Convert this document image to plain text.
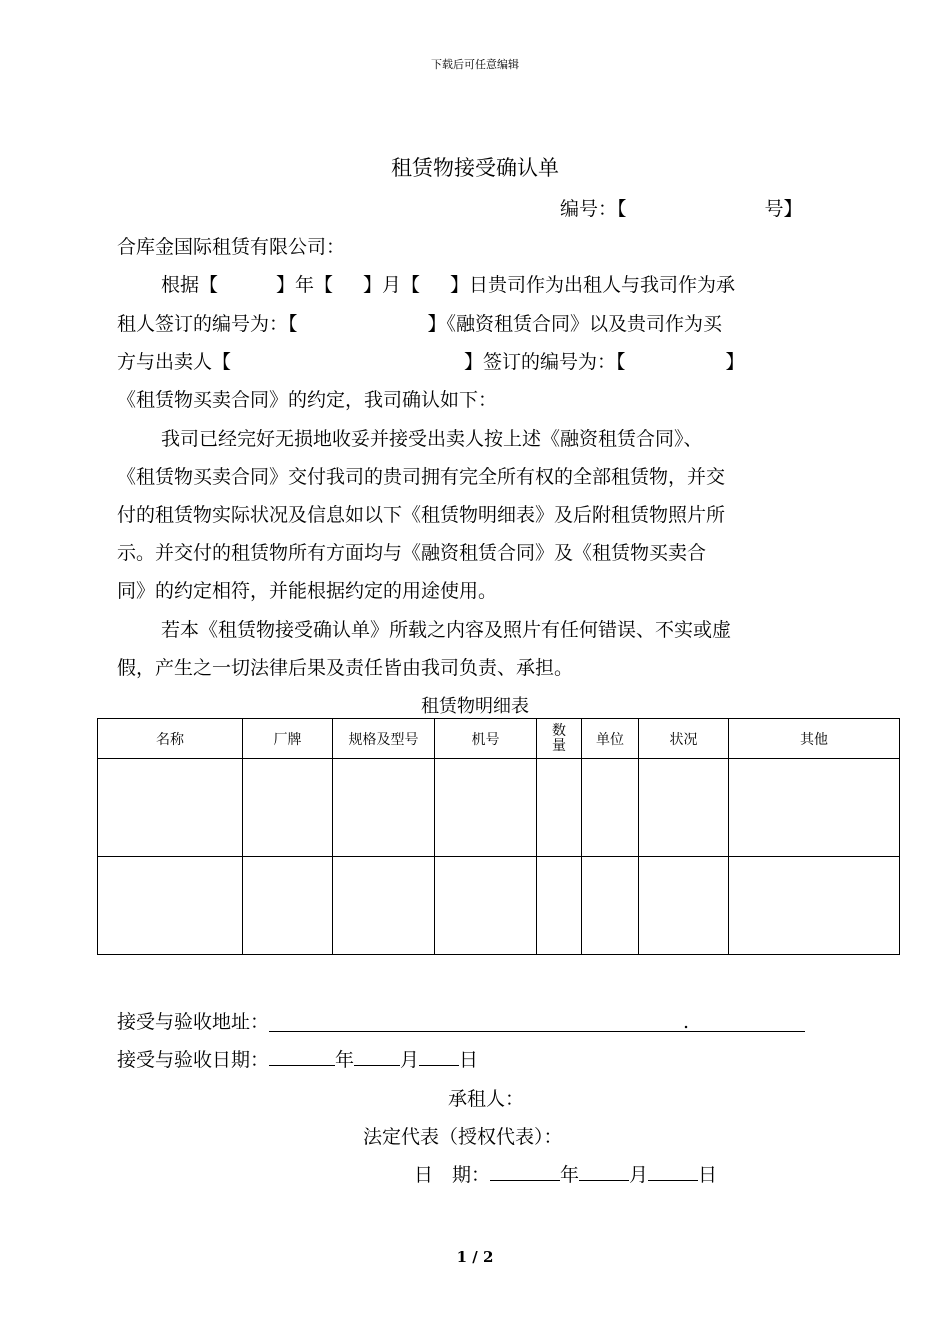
下载后可任意编辑
租赁物接受确认单
编号：【	号】
合库金国际租赁有限公司：
根据【	】年【 】月【 】日贵司作为出租人与我司作为承
租人签订的编号为：【	】《融资租赁合同》以及贵司作为买
方与出卖人【	】签订的编号为：【	】
《租赁物买卖合同》的约定，我司确认如下：
我司已经完好无损地收妥并接受出卖人按上述《融资租赁合同》、
《租赁物买卖合同》交付我司的贵司拥有完全所有权的全部租赁物，并交
付的租赁物实际状况及信息如以下《租赁物明细表》及后附租赁物照片所
示。并交付的租赁物所有方面均与《融资租赁合同》及《租赁物买卖合
同》的约定相符，并能根据约定的用途使用。
若本《租赁物接受确认单》所载之内容及照片有任何错误、不实或虚
假，产生之一切法律后果及责任皆由我司负责、承担。
租赁物明细表
名称	厂牌	规格及型号	机号	数量	单位	状况	其他

接受与验收地址：	.
接受与验收日期：	年 月 日
承租人：
法定代表（授权代表）：
日　期：	年	月	日
1 / 2
